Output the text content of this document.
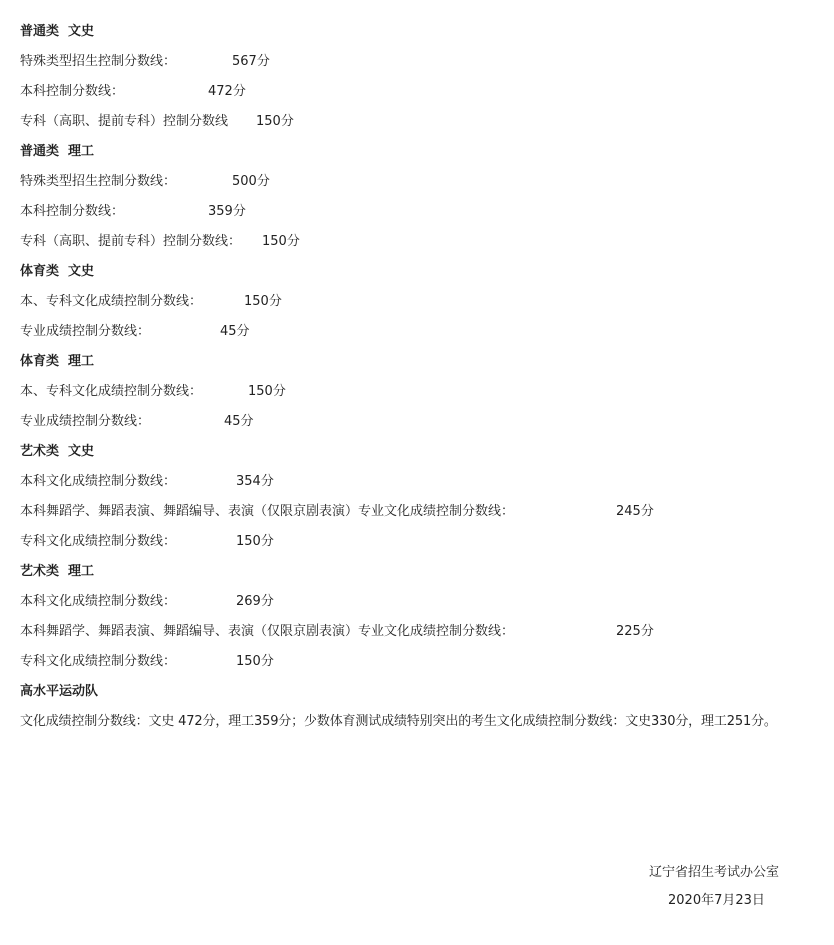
普通类 文史
特殊类型招生控制分数线：	567分
本科控制分数线：	472分
专科（高职、提前专科）控制分数线 150分
普通类 理工
特殊类型招生控制分数线：	500分
本科控制分数线：	359分
专科（高职、提前专科）控制分数线： 150分
体育类 文史
本、专科文化成绩控制分数线：	150分
专业成绩控制分数线：	45分
体育类 理工
本、专科文化成绩控制分数线：	150分
专业成绩控制分数线：	45分
艺术类 文史
本科文化成绩控制分数线：	354分
本科舞蹈学、舞蹈表演、舞蹈编导、表演（仅限京剧表演）专业文化成绩控制分数线：	245分
专科文化成绩控制分数线：	150分
艺术类 理工
本科文化成绩控制分数线：	269分
本科舞蹈学、舞蹈表演、舞蹈编导、表演（仅限京剧表演）专业文化成绩控制分数线：	225分
专科文化成绩控制分数线：	150分
高水平运动队
文化成绩控制分数线：文史 472分，理工359分；少数体育测试成绩特别突出的考生文化成绩控制分数线：文史330分，理工251分。
辽宁省招生考试办公室
2020年7月23日
